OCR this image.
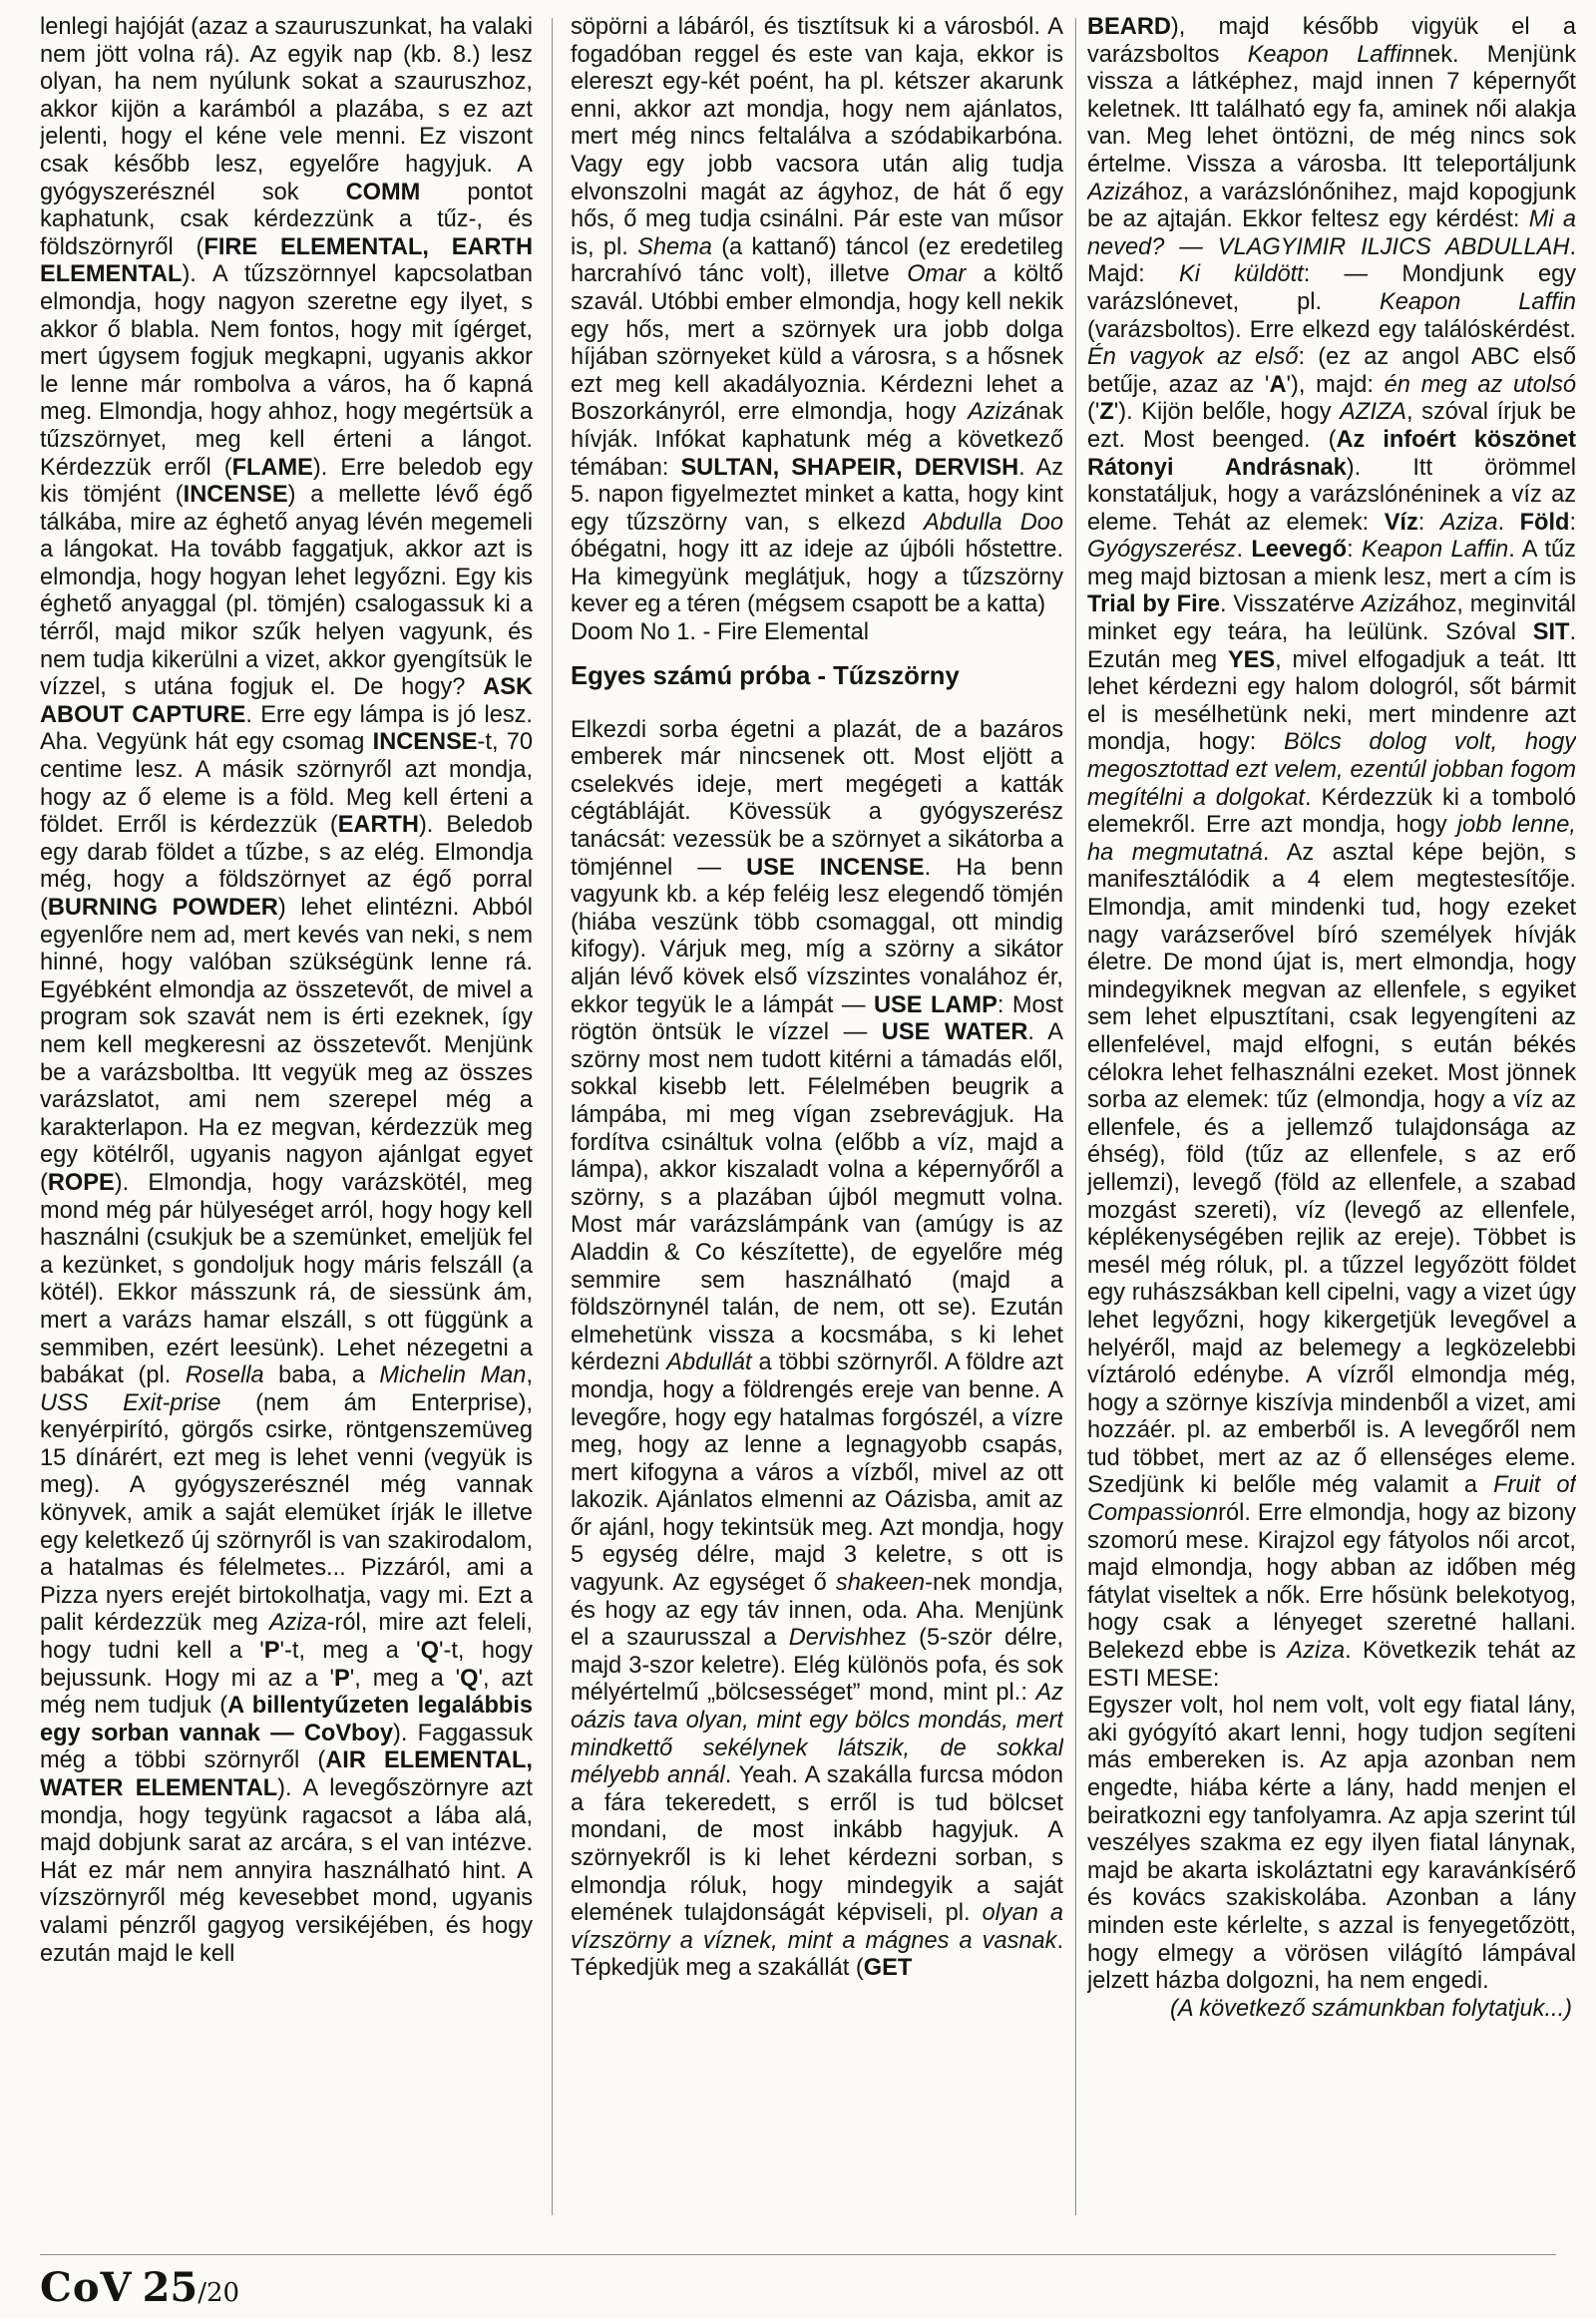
lenlegi hajóját (azaz a szauruszunkat, ha valaki nem jött volna rá). Az egyik nap (kb. 8.) lesz olyan, ha nem nyúlunk sokat a szauruszhoz, akkor kijön a karámból a plazába, s ez azt jelenti, hogy el kéne vele menni. Ez viszont csak később lesz, egyelőre hagyjuk. A gyógyszerésznél sok COMM pontot kaphatunk, csak kérdezzünk a tűz-, és földszörnyről (FIRE ELEMENTAL, EARTH ELEMENTAL). A tűzszörnnyel kapcsolatban elmondja, hogy nagyon szeretne egy ilyet, s akkor ő blabla. Nem fontos, hogy mit ígérget, mert úgysem fogjuk megkapni, ugyanis akkor le lenne már rombolva a város, ha ő kapná meg. Elmondja, hogy ahhoz, hogy megértsük a tűzszörnyet, meg kell érteni a lángot. Kérdezzük erről (FLAME). Erre beledob egy kis tömjént (INCENSE) a mellette lévő égő tálkába, mire az éghető anyag lévén megemeli a lángokat. Ha tovább faggatjuk, akkor azt is elmondja, hogy hogyan lehet legyőzni. Egy kis éghető anyaggal (pl. tömjén) csalogassuk ki a térről, majd mikor szűk helyen vagyunk, és nem tudja kikerülni a vizet, akkor gyengítsük le vízzel, s utána fogjuk el. De hogy? ASK ABOUT CAPTURE. Erre egy lámpa is jó lesz. Aha. Vegyünk hát egy csomag INCENSE-t, 70 centime lesz. A másik szörnyről azt mondja, hogy az ő eleme is a föld. Meg kell érteni a földet. Erről is kérdezzük (EARTH). Beledob egy darab földet a tűzbe, s az elég. Elmondja még, hogy a földszörnyet az égő porral (BURNING POWDER) lehet elintézni. Abból egyenlőre nem ad, mert kevés van neki, s nem hinné, hogy valóban szükségünk lenne rá. Egyébként elmondja az összetevőt, de mivel a program sok szavát nem is érti ezeknek, így nem kell megkeresni az összetevőt. Menjünk be a varázsboltba. Itt vegyük meg az összes varázslatot, ami nem szerepel még a karakterlapon. Ha ez megvan, kérdezzük meg egy kötélről, ugyanis nagyon ajánlgat egyet (ROPE). Elmondja, hogy varázskötél, meg mond még pár hülyeséget arról, hogy hogy kell használni (csukjuk be a szemünket, emeljük fel a kezünket, s gondoljuk hogy máris felszáll (a kötél). Ekkor másszunk rá, de siessünk ám, mert a varázs hamar elszáll, s ott függünk a semmiben, ezért leesünk). Lehet nézegetni a babákat (pl. Rosella baba, a Michelin Man, USS Exit-prise (nem ám Enterprise), kenyérpirító, görgős csirke, röntgenszemüveg 15 dínárért, ezt meg is lehet venni (vegyük is meg). A gyógyszerésznél még vannak könyvek, amik a saját elemüket írják le illetve egy keletkező új szörnyről is van szakirodalom, a hatalmas és félelmetes... Pizzáról, ami a Pizza nyers erejét birtokolhatja, vagy mi. Ezt a palit kérdezzük meg Aziza-ról, mire azt feleli, hogy tudni kell a 'P'-t, meg a 'Q'-t, hogy bejussunk. Hogy mi az a 'P', meg a 'Q', azt még nem tudjuk (A billentyűzeten legalábbis egy sorban vannak — CoVboy). Faggassuk még a többi szörnyről (AIR ELEMENTAL, WATER ELEMENTAL). A levegőszörnyre azt mondja, hogy tegyünk ragacsot a lába alá, majd dobjunk sarat az arcára, s el van intézve. Hát ez már nem annyira használható hint. A vízszörnyről még kevesebbet mond, ugyanis valami pénzről gagyog versikéjében, és hogy ezután majd le kell

söpörni a lábáról, és tisztítsuk ki a városból. A fogadóban reggel és este van kaja, ekkor is elereszt egy-két poént, ha pl. kétszer akarunk enni, akkor azt mondja, hogy nem ajánlatos, mert még nincs feltalálva a szódabikarbóna. Vagy egy jobb vacsora után alig tudja elvonszolni magát az ágyhoz, de hát ő egy hős, ő meg tudja csinálni. Pár este van műsor is, pl. Shema (a kattanő) táncol (ez eredetileg harcrahívó tánc volt), illetve Omar a költő szavál. Utóbbi ember elmondja, hogy kell nekik egy hős, mert a szörnyek ura jobb dolga híjában szörnyeket küld a városra, s a hősnek ezt meg kell akadályoznia. Kérdezni lehet a Boszorkányról, erre elmondja, hogy Azizának hívják. Infókat kaphatunk még a következő témában: SULTAN, SHAPEIR, DERVISH. Az 5. napon figyelmeztet minket a katta, hogy kint egy tűzszörny van, s elkezd Abdulla Doo óbégatni, hogy itt az ideje az újbóli hőstettre. Ha kimegyünk meglátjuk, hogy a tűzszörny kever eg a téren (mégsem csapott be a katta)

Doom No 1. - Fire Elemental

Egyes számú próba - Tűzszörny

Elkezdi sorba égetni a plazát, de a bazáros emberek már nincsenek ott. Most eljött a cselekvés ideje, mert megégeti a katták cégtábláját. Kövessük a gyógyszerész tanácsát: vezessük be a szörnyet a sikátorba a tömjénnel — USE INCENSE. Ha benn vagyunk kb. a kép feléig lesz elegendő tömjén (hiába veszünk több csomaggal, ott mindig kifogy). Várjuk meg, míg a szörny a sikátor alján lévő kövek első vízszintes vonalához ér, ekkor tegyük le a lámpát — USE LAMP: Most rögtön öntsük le vízzel — USE WATER. A szörny most nem tudott kitérni a támadás elől, sokkal kisebb lett. Félelmében beugrik a lámpába, mi meg vígan zsebrevágjuk. Ha fordítva csináltuk volna (előbb a víz, majd a lámpa), akkor kiszaladt volna a képernyőről a szörny, s a plazában újból megmutt volna. Most már varázslámpánk van (amúgy is az Aladdin & Co készítette), de egyelőre még semmire sem használható (majd a földszörnynél talán, de nem, ott se). Ezután elmehetünk vissza a kocsmába, s ki lehet kérdezni Abdullát a többi szörnyről. A földre azt mondja, hogy a földrengés ereje van benne. A levegőre, hogy egy hatalmas forgószél, a vízre meg, hogy az lenne a legnagyobb csapás, mert kifogyna a város a vízből, mivel az ott lakozik. Ajánlatos elmenni az Oázisba, amit az őr ajánl, hogy tekintsük meg. Azt mondja, hogy 5 egység délre, majd 3 keletre, s ott is vagyunk. Az egységet ő shakeen-nek mondja, és hogy az egy táv innen, oda. Aha. Menjünk el a szaurusszal a Dervishhez (5-ször délre, majd 3-szor keletre). Elég különös pofa, és sok mélyértelmű „bölcsességet” mond, mint pl.: Az oázis tava olyan, mint egy bölcs mondás, mert mindkettő sekélynek látszik, de sokkal mélyebb annál. Yeah. A szakálla furcsa módon a fára tekeredett, s erről is tud bölcset mondani, de most inkább hagyjuk. A szörnyekről is ki lehet kérdezni sorban, s elmondja róluk, hogy mindegyik a saját elemének tulajdonságát képviseli, pl. olyan a vízszörny a víznek, mint a mágnes a vasnak. Tépkedjük meg a szakállát (GET

BEARD), majd később vigyük el a varázsboltos Keapon Laffinnek. Menjünk vissza a látképhez, majd innen 7 képernyőt keletnek. Itt található egy fa, aminek női alakja van. Meg lehet öntözni, de még nincs sok értelme. Vissza a városba. Itt teleportáljunk Azizához, a varázslónőnihez, majd kopogjunk be az ajtaján. Ekkor feltesz egy kérdést: Mi a neved? — VLAGYIMIR ILJICS ABDULLAH. Majd: Ki küldött: — Mondjunk egy varázslónevet, pl. Keapon Laffin (varázsboltos). Erre elkezd egy találóskérdést. Én vagyok az első: (ez az angol ABC első betűje, azaz az 'A'), majd: én meg az utolsó ('Z'). Kijön belőle, hogy AZIZA, szóval írjuk be ezt. Most beenged. (Az infoért köszönet Rátonyi Andrásnak). Itt örömmel konstatáljuk, hogy a varázslónéninek a víz az eleme. Tehát az elemek: Víz: Aziza. Föld: Gyógyszerész. Leevegő: Keapon Laffin. A tűz meg majd biztosan a mienk lesz, mert a cím is Trial by Fire. Visszatérve Azizához, meginvitál minket egy teára, ha leülünk. Szóval SIT. Ezután meg YES, mivel elfogadjuk a teát. Itt lehet kérdezni egy halom dologról, sőt bármit el is mesélhetünk neki, mert mindenre azt mondja, hogy: Bölcs dolog volt, hogy megosztottad ezt velem, ezentúl jobban fogom megítélni a dolgokat. Kérdezzük ki a tomboló elemekről. Erre azt mondja, hogy jobb lenne, ha megmutatná. Az asztal képe bejön, s manifesztálódik a 4 elem megtestesítője. Elmondja, amit mindenki tud, hogy ezeket nagy varázserővel bíró személyek hívják életre. De mond újat is, mert elmondja, hogy mindegyiknek megvan az ellenfele, s egyiket sem lehet elpusztítani, csak legyengíteni az ellenfelével, majd elfogni, s eután békés célokra lehet felhasználni ezeket. Most jönnek sorba az elemek: tűz (elmondja, hogy a víz az ellenfele, és a jellemző tulajdonsága az éhség), föld (tűz az ellenfele, s az erő jellemzi), levegő (föld az ellenfele, a szabad mozgást szereti), víz (levegő az ellenfele, képlékenységében rejlik az ereje). Többet is mesél még róluk, pl. a tűzzel legyőzött földet egy ruhászsákban kell cipelni, vagy a vizet úgy lehet legyőzni, hogy kikergetjük levegővel a helyéről, majd az belemegy a legközelebbi víztároló edénybe. A vízről elmondja még, hogy a szörnye kiszívja mindenből a vizet, ami hozzáér. pl. az emberből is. A levegőről nem tud többet, mert az az ő ellenséges eleme. Szedjünk ki belőle még valamit a Fruit of Compassionról. Erre elmondja, hogy az bizony szomorú mese. Kirajzol egy fátyolos női arcot, majd elmondja, hogy abban az időben még fátylat viseltek a nők. Erre hősünk belekotyog, hogy csak a lényeget szeretné hallani. Belekezd ebbe is Aziza. Következik tehát az ESTI MESE:
Egyszer volt, hol nem volt, volt egy fiatal lány, aki gyógyító akart lenni, hogy tudjon segíteni más embereken is. Az apja azonban nem engedte, hiába kérte a lány, hadd menjen el beiratkozni egy tanfolyamra. Az apja szerint túl veszélyes szakma ez egy ilyen fiatal lánynak, majd be akarta iskoláztatni egy karavánkísérő és kovács szakiskolába. Azonban a lány minden este kérlelte, s azzal is fenyegetőzött, hogy elmegy a vörösen világító lámpával jelzett házba dolgozni, ha nem engedi.
(A következő számunkban folytatjuk...)

CoV 25 /20
